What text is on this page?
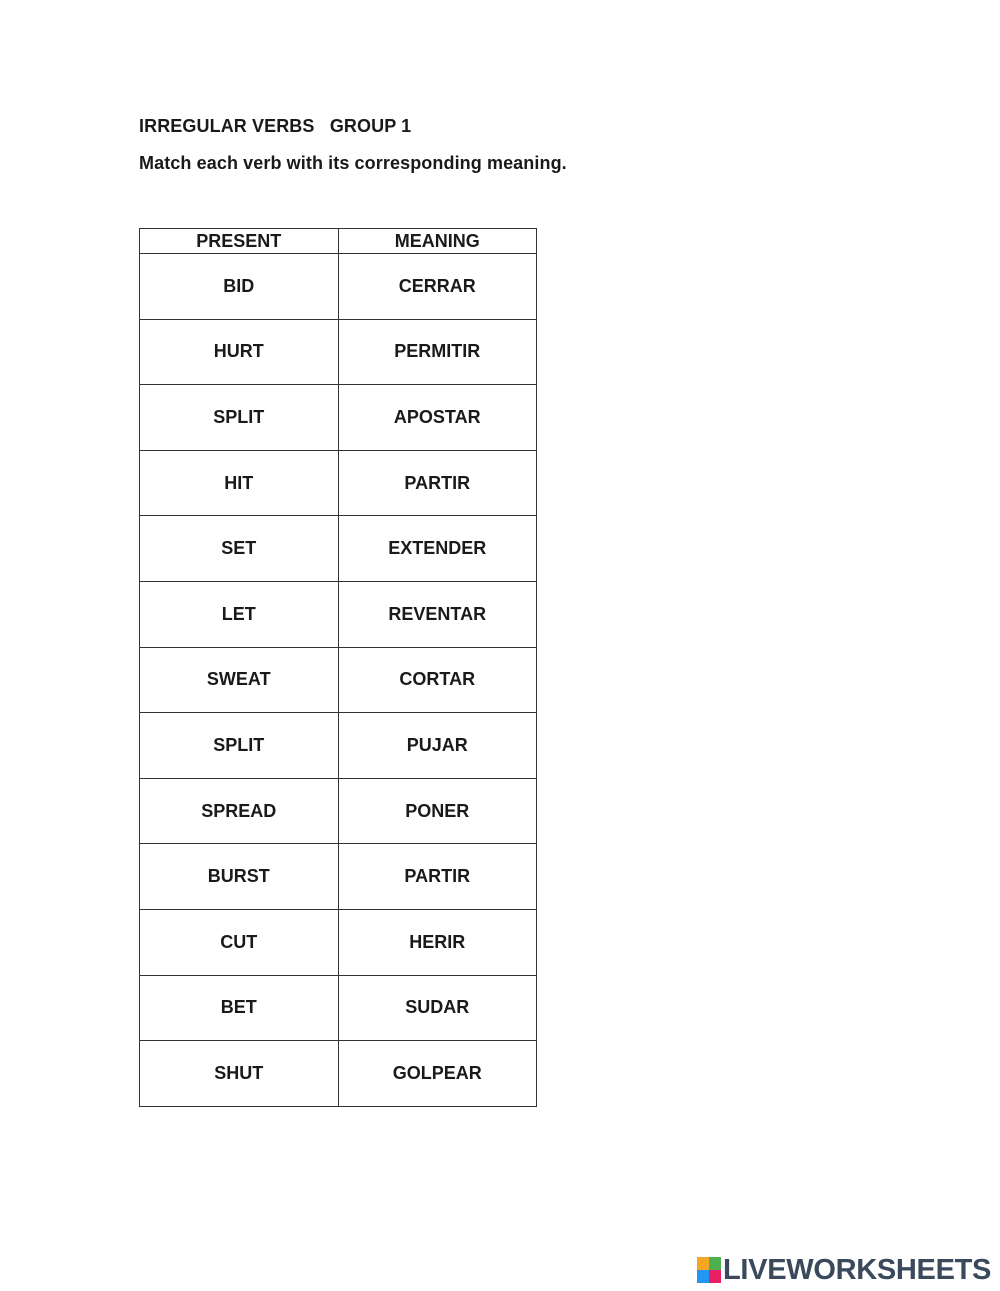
IRREGULAR VERBS   GROUP 1
Match each verb with its corresponding meaning.
PRESENT	MEANING
BID	CERRAR
HURT	PERMITIR
SPLIT	APOSTAR
HIT	PARTIR
SET	EXTENDER
LET	REVENTAR
SWEAT	CORTAR
SPLIT	PUJAR
SPREAD	PONER
BURST	PARTIR
CUT	HERIR
BET	SUDAR
SHUT	GOLPEAR
LIVEWORKSHEETS
